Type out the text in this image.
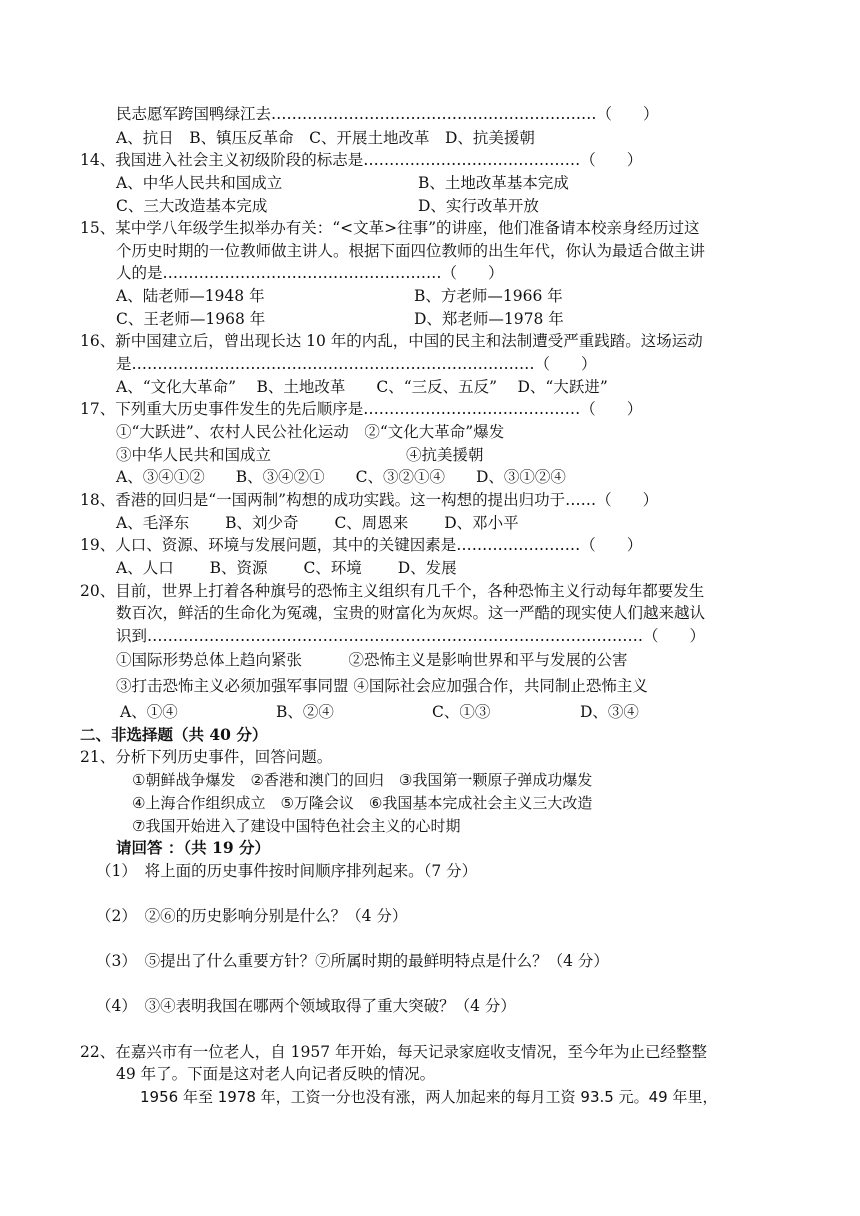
民志愿军跨国鸭绿江去………………………………………………………（　　）
A、抗日　B、镇压反革命　C、开展土地改革　D、抗美援朝
14、我国进入社会主义初级阶段的标志是……………………………………（　　）
A、中华人民共和国成立	B、土地改革基本完成
C、三大改造基本完成	D、实行改革开放
15、某中学八年级学生拟举办有关：“<文革>往事”的讲座，他们准备请本校亲身经历过这
个历史时期的一位教师做主讲人。根据下面四位教师的出生年代，你认为最适合做主讲
人的是………………………………………………（　　）
A、陆老师—1948 年	B、方老师—1966 年
C、王老师—1968 年	D、郑老师—1978 年
16、新中国建立后，曾出现长达 10 年的内乱，中国的民主和法制遭受严重践踏。这场运动
是……………………………………………………………………（　　）
A、“文化大革命”　 B、土地改革　　C、“三反、五反”　 D、“大跃进”
17、下列重大历史事件发生的先后顺序是……………………………………（　　）
①“大跃进”、农村人民公社化运动　②“文化大革命”爆发
③中华人民共和国成立	④抗美援朝
A、③④①②　　B、③④②①　　C、③②①④　　D、③①②④
18、香港的回归是“一国两制”构想的成功实践。这一构想的提出归功于……（　　）
A、毛泽东　　 B、刘少奇　　 C、周恩来　　 D、邓小平
19、人口、资源、环境与发展问题，其中的关键因素是……………………（　　）
A、人口　　 B、资源　　 C、环境　　 D、发展
20、目前，世界上打着各种旗号的恐怖主义组织有几千个，各种恐怖主义行动每年都要发生
数百次，鲜活的生命化为冤魂，宝贵的财富化为灰烬。这一严酷的现实使人们越来越认
识到……………………………………………………………………………………（　　）
①国际形势总体上趋向紧张　　　②恐怖主义是影响世界和平与发展的公害
③打击恐怖主义必须加强军事同盟 ④国际社会应加强合作，共同制止恐怖主义
A、①④	B、②④	C、①③	D、③④
二、非选择题（共 40 分）
21、分析下列历史事件，回答问题。
①朝鲜战争爆发　②香港和澳门的回归　③我国第一颗原子弹成功爆发
④上海合作组织成立　⑤万隆会议　⑥我国基本完成社会主义三大改造
⑦我国开始进入了建设中国特色社会主义的心时期
请回答 ：（共 19 分）
（1）　将上面的历史事件按时间顺序排列起来。（7 分）
（2）　②⑥的历史影响分别是什么？（4 分）
（3）　⑤提出了什么重要方针？⑦所属时期的最鲜明特点是什么？（4 分）
（4）　③④表明我国在哪两个领域取得了重大突破？（4 分）
22、在嘉兴市有一位老人，自 1957 年开始，每天记录家庭收支情况，至今年为止已经整整
49 年了。下面是这对老人向记者反映的情况。
1956 年至 1978 年，工资一分也没有涨，两人加起来的每月工资 93.5 元。49 年里，
